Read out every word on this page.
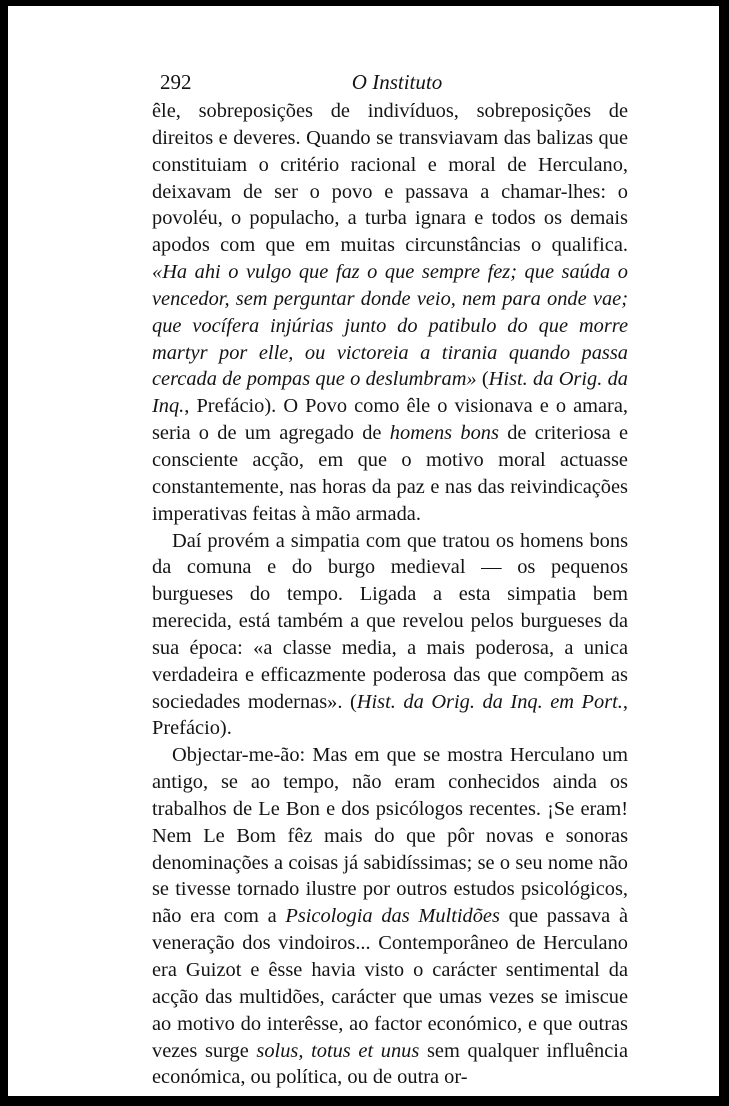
292	O Instituto

êle, sobreposições de indivíduos, sobreposições de direitos e deveres. Quando se transviavam das balizas que constituiam o critério racional e moral de Herculano, deixavam de ser o povo e passava a chamar-lhes: o povoléu, o populacho, a turba ignara e todos os demais apodos com que em muitas circunstâncias o qualifica. «Ha ahi o vulgo que faz o que sempre fez; que saúda o vencedor, sem perguntar donde veio, nem para onde vae; que vocífera injúrias junto do patibulo do que morre martyr por elle, ou victoreia a tirania quando passa cercada de pompas que o deslumbram» (Hist. da Orig. da Inq., Prefácio). O Povo como êle o visionava e o amara, seria o de um agregado de homens bons de criteriosa e consciente acção, em que o motivo moral actuasse constantemente, nas horas da paz e nas das reivindicações imperativas feitas à mão armada.

Daí provém a simpatia com que tratou os homens bons da comuna e do burgo medieval — os pequenos burgueses do tempo. Ligada a esta simpatia bem merecida, está também a que revelou pelos burgueses da sua época: «a classe media, a mais poderosa, a unica verdadeira e efficazmente poderosa das que compõem as sociedades modernas». (Hist. da Orig. da Inq. em Port., Prefácio).

Objectar-me-ão: Mas em que se mostra Herculano um antigo, se ao tempo, não eram conhecidos ainda os trabalhos de Le Bon e dos psicólogos recentes. ¡Se eram! Nem Le Bom fêz mais do que pôr novas e sonoras denominações a coisas já sabidíssimas; se o seu nome não se tivesse tornado ilustre por outros estudos psicológicos, não era com a Psicologia das Multidões que passava à veneração dos vindoiros... Contemporâneo de Herculano era Guizot e êsse havia visto o carácter sentimental da acção das multidões, carácter que umas vezes se imiscue ao motivo do interêsse, ao factor económico, e que outras vezes surge solus, totus et unus sem qualquer influência económica, ou política, ou de outra or-
